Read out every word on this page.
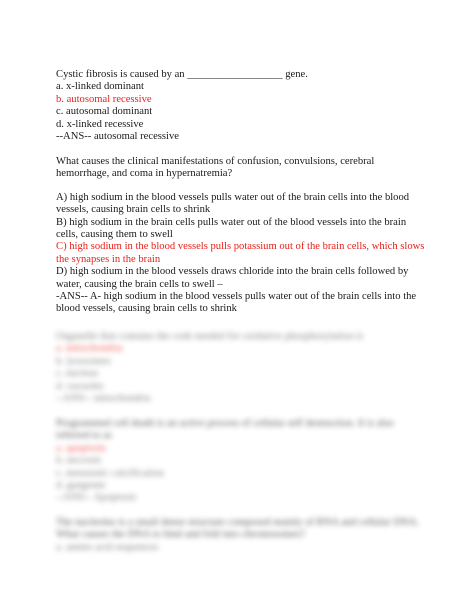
Cystic fibrosis is caused by an __________________ gene.
a. x-linked dominant
b. autosomal recessive
c. autosomal dominant
d. x-linked recessive
--ANS-- autosomal recessive
What causes the clinical manifestations of confusion, convulsions, cerebral hemorrhage, and coma in hypernatremia?
A) high sodium in the blood vessels pulls water out of the brain cells into the blood vessels, causing brain cells to shrink
B) high sodium in the brain cells pulls water out of the blood vessels into the brain cells, causing them to swell
C) high sodium in the blood vessels pulls potassium out of the brain cells, which slows the synapses in the brain
D) high sodium in the blood vessels draws chloride into the brain cells followed by water, causing the brain cells to swell –
-ANS-- A- high sodium in the blood vessels pulls water out of the brain cells into the blood vessels, causing brain cells to shrink
Organelle that contains the code needed for oxidative phosphorylation is
a. mitochondria
b. lysosomes
c. nucleus
d. vacuoles
--ANS-- mitochondria
Programmed cell death is an active process of cellular self destruction. It is also referred to as
a. apoptosis
b. necrosis
c. metastatic calcification
d. gangrene
--ANS-- Apoptosis
The nucleolus is a small dense structure composed mainly of RNA and cellular DNA. What causes the DNA to bind and fold into chromosomes?
a. amino acid sequences
